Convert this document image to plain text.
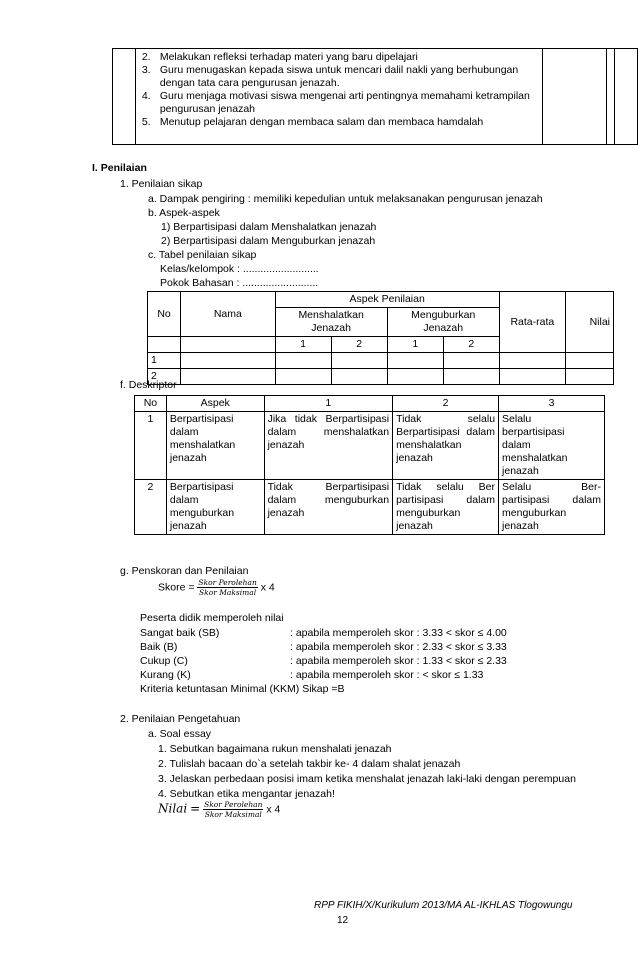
2. Melakukan refleksi terhadap materi yang baru dipelajari
3. Guru menugaskan kepada siswa untuk mencari dalil nakli yang berhubungan
dengan tata cara pengurusan jenazah.
4. Guru menjaga motivasi siswa mengenai arti pentingnya memahami ketrampilan
pengurusan jenazah
5. Menutup pelajaran dengan membaca salam dan membaca hamdalah

I. Penilaian
1. Penilaian sikap
a. Dampak pengiring : memiliki kepedulian untuk melaksanakan pengurusan jenazah
b. Aspek-aspek
1) Berpartisipasi dalam Menshalatkan jenazah
2) Berpartisipasi dalam Menguburkan jenazah
c. Tabel penilaian sikap
Kelas/kelompok : ..........................
Pokok Bahasan : ..........................
No	Nama	Aspek Penilaian				Rata-rata	Nilai
		Menshalatkan Jenazah		Menguburkan Jenazah			
		1	2	1	2		
1							
2							
f. Deskriptor
No	Aspek	1	2	3
1	Berpartisipasi dalam menshalatkan jenazah	Jika tidak Berpartisipasi dalam menshalatkan jenazah	Tidak selalu Berpartisipasi dalam menshalatkan jenazah	Selalu berpartisipasi dalam menshalatkan jenazah
2	Berpartisipasi dalam menguburkan jenazah	Tidak Berpartisipasi dalam menguburkan jenazah	Tidak selalu Ber partisipasi dalam menguburkan jenazah	Selalu Ber-partisipasi dalam menguburkan jenazah
g. Penskoran dan Penilaian
Skore = $\frac{\text{Skor Perolehan}}{\text{Skor Maksimal}}$ x 4
Peserta didik memperoleh nilai
Sangat baik (SB)	: apabila memperoleh skor : 3.33 < skor ≤ 4.00
Baik (B)	: apabila memperoleh skor : 2.33 < skor ≤ 3.33
Cukup (C)	: apabila memperoleh skor : 1.33 < skor ≤ 2.33
Kurang (K)	: apabila memperoleh skor : < skor ≤ 1.33
Kriteria ketuntasan Minimal (KKM) Sikap =B
2. Penilaian Pengetahuan
a. Soal essay
1. Sebutkan bagaimana rukun menshalati jenazah
2. Tulislah bacaan do`a setelah takbir ke- 4 dalam shalat jenazah
3. Jelaskan perbedaan posisi imam ketika menshalat jenazah laki-laki dengan perempuan
4. Sebutkan etika mengantar jenazah!
Nilai = $\frac{\text{Skor Perolehan}}{\text{Skor Maksimal}}$ x 4
RPP FIKIH/X/Kurikulum 2013/MA AL-IKHLAS Tlogowungu
12
